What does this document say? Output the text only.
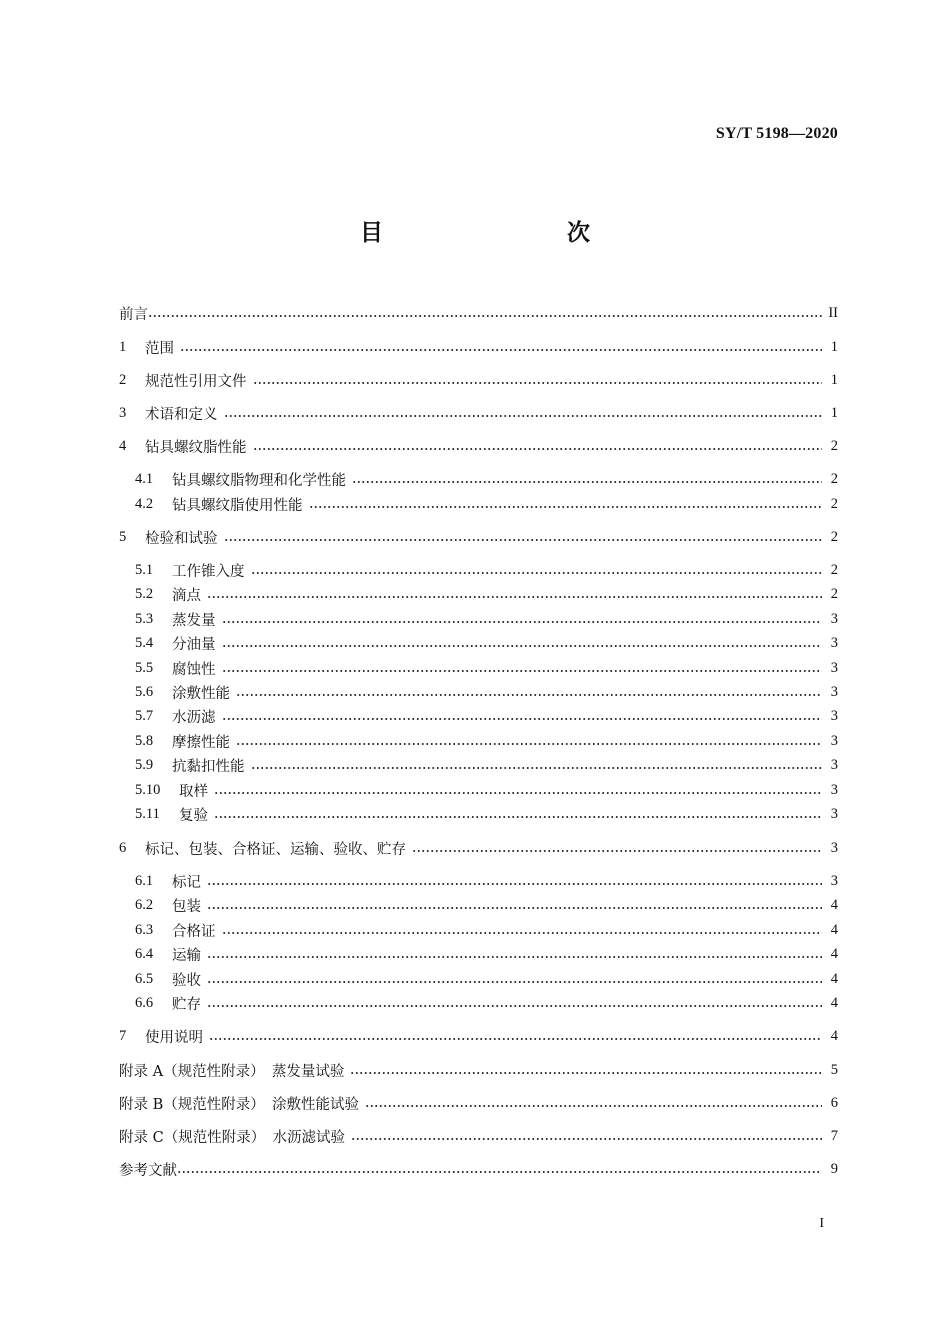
SY/T 5198—2020
目　　次
前言	II
1	范围	1
2	规范性引用文件	1
3	术语和定义	1
4	钻具螺纹脂性能	2
4.1	钻具螺纹脂物理和化学性能	2
4.2	钻具螺纹脂使用性能	2
5	检验和试验	2
5.1	工作锥入度	2
5.2	滴点	2
5.3	蒸发量	3
5.4	分油量	3
5.5	腐蚀性	3
5.6	涂敷性能	3
5.7	水沥滤	3
5.8	摩擦性能	3
5.9	抗黏扣性能	3
5.10	取样	3
5.11	复验	3
6	标记、包装、合格证、运输、验收、贮存	3
6.1	标记	3
6.2	包装	4
6.3	合格证	4
6.4	运输	4
6.5	验收	4
6.6	贮存	4
7	使用说明	4
附录 A（规范性附录）　蒸发量试验	5
附录 B（规范性附录）　涂敷性能试验	6
附录 C（规范性附录）　水沥滤试验	7
参考文献	9
I
